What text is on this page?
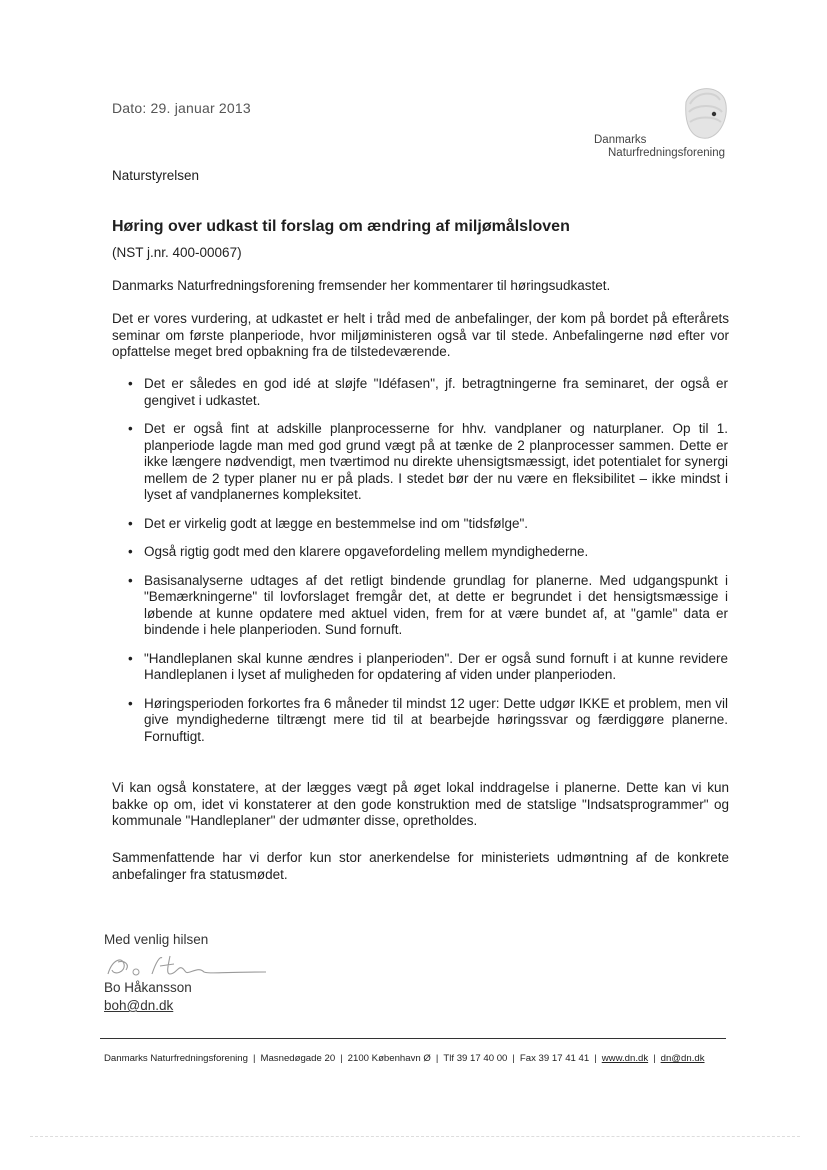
Dato: 29. januar 2013
Danmarks
Naturfredningsforening
Naturstyrelsen
Høring over udkast til forslag om ændring af miljømålsloven
(NST j.nr. 400-00067)

Danmarks Naturfredningsforening fremsender her kommentarer til høringsudkastet.

Det er vores vurdering, at udkastet er helt i tråd med de anbefalinger, der kom på bordet på efterårets seminar om første planperiode, hvor miljøministeren også var til stede. Anbefalingerne nød efter vor opfattelse meget bred opbakning fra de tilstedeværende.

• Det er således en god idé at sløjfe "Idéfasen", jf. betragtningerne fra seminaret, der også er gengivet i udkastet.
• Det er også fint at adskille planprocesserne for hhv. vandplaner og naturplaner. Op til 1. planperiode lagde man med god grund vægt på at tænke de 2 planprocesser sammen. Dette er ikke længere nødvendigt, men tværtimod nu direkte uhensigtsmæssigt, idet potentialet for synergi mellem de 2 typer planer nu er på plads. I stedet bør der nu være en fleksibilitet – ikke mindst i lyset af vandplanernes kompleksitet.
• Det er virkelig godt at lægge en bestemmelse ind om "tidsfølge".
• Også rigtig godt med den klarere opgavefordeling mellem myndighederne.
• Basisanalyserne udtages af det retligt bindende grundlag for planerne. Med udgangspunkt i "Bemærkningerne" til lovforslaget fremgår det, at dette er begrundet i det hensigtsmæssige i løbende at kunne opdatere med aktuel viden, frem for at være bundet af, at "gamle" data er bindende i hele planperioden. Sund fornuft.
• "Handleplanen skal kunne ændres i planperioden". Der er også sund fornuft i at kunne revidere Handleplanen i lyset af muligheden for opdatering af viden under planperioden.
• Høringsperioden forkortes fra 6 måneder til mindst 12 uger: Dette udgør IKKE et problem, men vil give myndighederne tiltrængt mere tid til at bearbejde høringssvar og færdiggøre planerne. Fornuftigt.

Vi kan også konstatere, at der lægges vægt på øget lokal inddragelse i planerne. Dette kan vi kun bakke op om, idet vi konstaterer at den gode konstruktion med de statslige "Indsatsprogrammer" og kommunale "Handleplaner" der udmønter disse, opretholdes.

Sammenfattende har vi derfor kun stor anerkendelse for ministeriets udmøntning af de konkrete anbefalinger fra statusmødet.

Med venlig hilsen
Bo Håkansson
boh@dn.dk
Danmarks Naturfredningsforening | Masnedøgade 20 | 2100 København Ø | Tlf 39 17 40 00 | Fax 39 17 41 41 | www.dn.dk | dn@dn.dk
